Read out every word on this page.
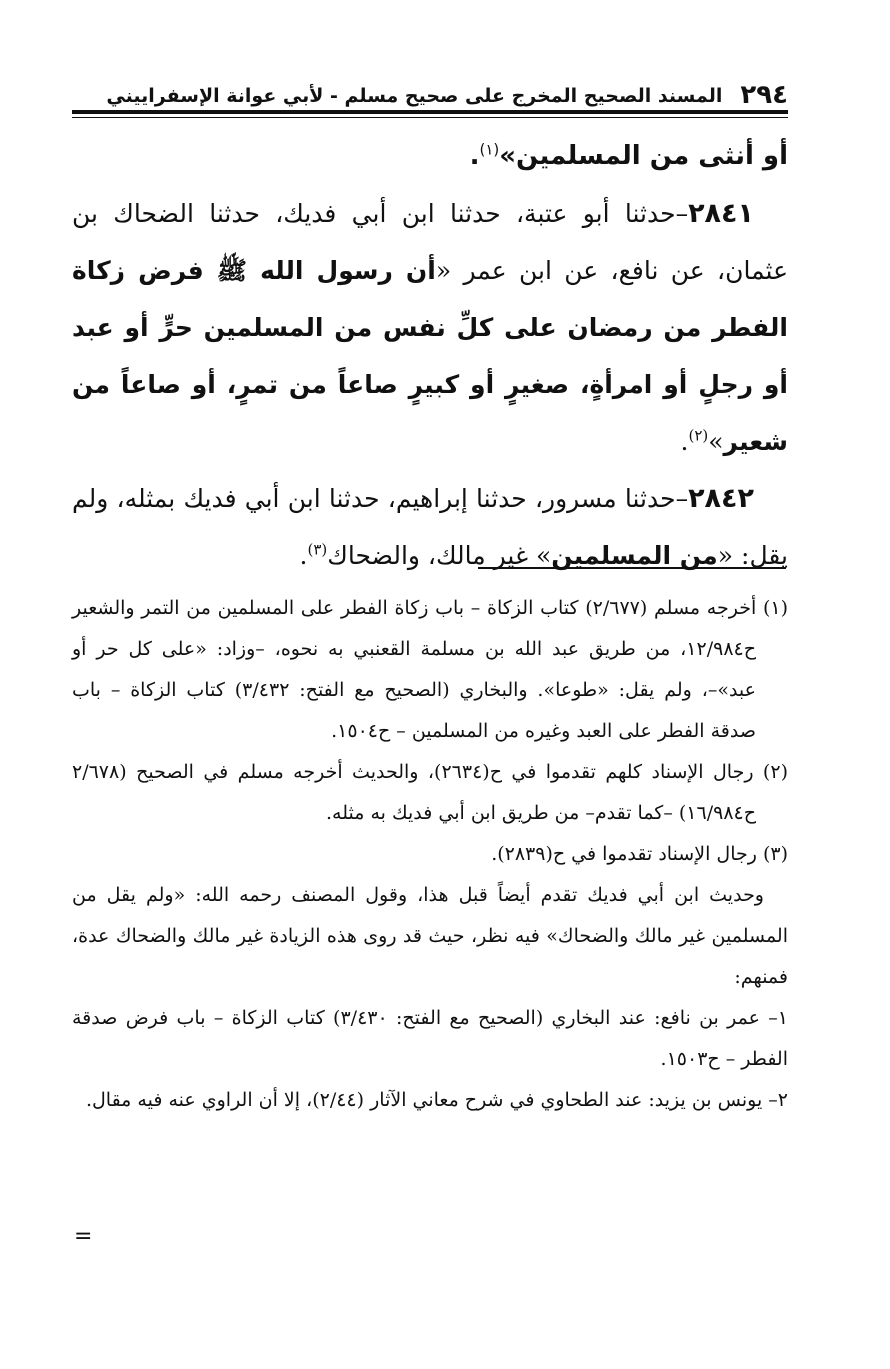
٢٩٤
المسند الصحيح المخرج على صحيح مسلم - لأبي عوانة الإسفراييني

أو أنثى من المسلمين»$^{(١)}$.

٢٨٤١–حدثنا أبو عتبة، حدثنا ابن أبي فديك، حدثنا الضحاك بن عثمان، عن نافع، عن ابن عمر «أن رسول الله ﷺ فرض زكاة الفطر من رمضان على كلِّ نفس من المسلمين حرٍّ أو عبد أو رجلٍ أو امرأةٍ، صغيرٍ أو كبيرٍ صاعاً من تمرٍ، أو صاعاً من شعير»$^{(٢)}$.

٢٨٤٢–حدثنا مسرور، حدثنا إبراهيم، حدثنا ابن أبي فديك بمثله، ولم يقل: «من المسلمين» غير مالك، والضحاك$^{(٣)}$.

(١) أخرجه مسلم (٢/٦٧٧) كتاب الزكاة – باب زكاة الفطر على المسلمين من التمر والشعير ح١٢/٩٨٤، من طريق عبد الله بن مسلمة القعنبي به نحوه، –وزاد: «على كل حر أو عبد»–، ولم يقل: «طوعا». والبخاري (الصحيح مع الفتح: ٣/٤٣٢) كتاب الزكاة – باب صدقة الفطر على العبد وغيره من المسلمين – ح١٥٠٤.

(٢) رجال الإسناد كلهم تقدموا في ح(٢٦٣٤)، والحديث أخرجه مسلم في الصحيح (٢/٦٧٨ ح١٦/٩٨٤) –كما تقدم– من طريق ابن أبي فديك به مثله.

(٣) رجال الإسناد تقدموا في ح(٢٨٣٩).

وحديث ابن أبي فديك تقدم أيضاً قبل هذا، وقول المصنف رحمه الله: «ولم يقل من المسلمين غير مالك والضحاك» فيه نظر، حيث قد روى هذه الزيادة غير مالك والضحاك عدة، فمنهم:

١– عمر بن نافع: عند البخاري (الصحيح مع الفتح: ٣/٤٣٠) كتاب الزكاة – باب فرض صدقة الفطر – ح١٥٠٣.

٢– يونس بن يزيد: عند الطحاوي في شرح معاني الآثار (٢/٤٤)، إلا أن الراوي عنه فيه مقال.

=
